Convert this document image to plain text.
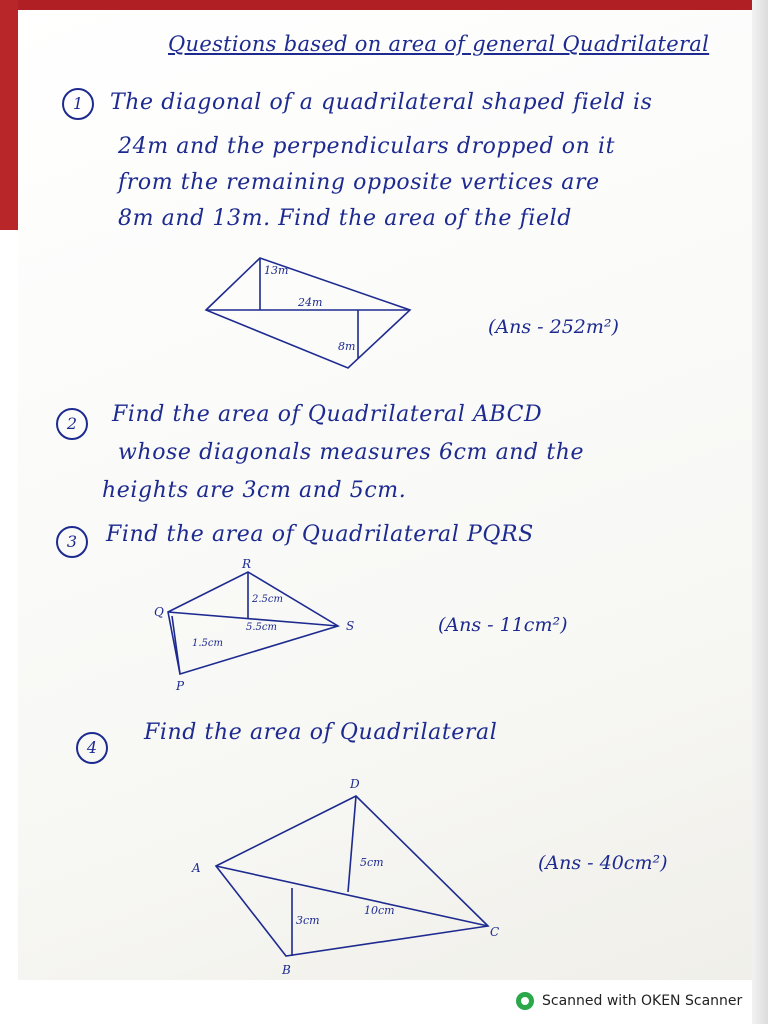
Questions based on area of general Quadrilateral
1	The diagonal of a quadrilateral shaped field is
24m and the perpendiculars dropped on it
from the remaining opposite vertices are
8m and 13m. Find the area of the field
13m
24m
8m
(Ans - 252m²)
2	Find the area of Quadrilateral ABCD
whose diagonals measures 6cm and the
heights are 3cm and 5cm.
3	Find the area of Quadrilateral PQRS
R
Q
S
P
2.5cm
5.5cm
1.5cm
(Ans - 11cm²)
4
Find the area of Quadrilateral
D
A
C
B
5cm
10cm
3cm
(Ans - 40cm²)
Scanned with OKEN Scanner
